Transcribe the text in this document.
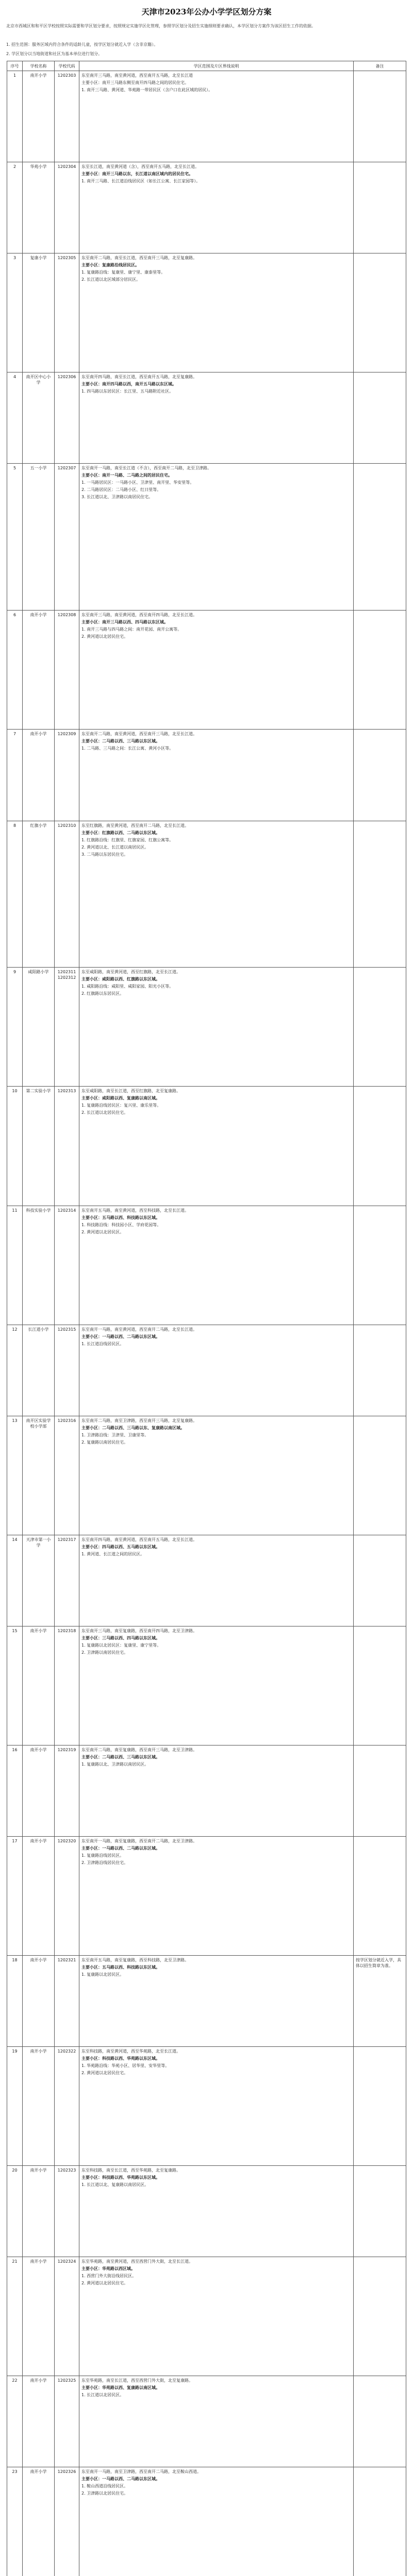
天津市2023年公办小学学区划分方案
北京市西城区和和平区学校按照实际需要和学区划分要求，按照规定实施学区化管理，参照学区划分及招生实施细则要求确认，本学区划分方案作为该区招生工作的依据。
1. 招生范围：服务区域内符合条件的适龄儿童，按学区划分就近入学（含非京籍）。
2. 学区划分以当地街道和社区为基本单位进行划分。
序号	学校名称	学校代码	学区范围及片区界线说明	备注
1	南开小学	1202303	东至南开三马路，南至黄河道，西至南开五马路，北至长江道
主要小区：南开三马路东侧至南开四马路之间的居民住宅。
1. 南开三马路、黄河道、华苑路一带居民区（含户口在此区域的居民）。	

2	华苑小学	1202304	东至长江道，南至黄河道（含），西至南开五马路，北至长江道。
主要小区：南开三马路以东，长江道以南区域内的居民住宅。
1. 南开三马路、长江道沿线居民区（如长江公寓、长江家园等）。	

3	复康小学	1202305	东至南开二马路，南至长江道，西至南开三马路，北至复康路。
主要小区：复康路沿线居民区。
1. 复康路沿线：复康里、康宁里、康泰里等。
2. 长江道以北区域部分居民区。	

4	南开区中心小学	1202306	东至南开四马路，南至长江道，西至南开五马路，北至复康路。
主要小区：南开四马路以西，南开五马路以东区域。
1. 四马路以东居民区：长江里、五马路附近社区。	

5	五一小学	1202307	东至南开一马路，南至长江道（不含），西至南开二马路，北至卫津路。
主要小区：南开一马路、二马路之间的居民住宅。
1. 一马路居民区：一马路小区、卫津里、南开里、华安里等。
2. 二马路居民区：二马路小区、红日里等。
3. 长江道以北、卫津路以南居民住宅。	

6	南开小学	1202308	东至南开三马路，南至黄河道，西至南开四马路，北至长江道。
主要小区：南开三马路以西、四马路以东区域。
1. 南开三马路与四马路之间：南开花园、南开公寓等。
2. 黄河道以北居民住宅。	

7	南开小学	1202309	东至南开二马路，南至黄河道，西至南开三马路，北至长江道。
主要小区：二马路以西、三马路以东区域。
1. 二马路、三马路之间：长江公寓、黄河小区等。	

8	红旗小学	1202310	东至红旗路，南至黄河道，西至南开二马路，北至长江道。
主要小区：红旗路以西、二马路以东区域。
1. 红旗路沿线：红旗里、红旗家园、红旗公寓等。
2. 黄河道以北、长江道以南居民区。
3. 二马路以东居民住宅。	

9	咸阳路小学	1202311 1202312	东至咸阳路，南至黄河道，西至红旗路，北至长江道。
主要小区：咸阳路以西、红旗路以东区域。
1. 咸阳路沿线：咸阳里、咸阳家园、阳光小区等。
2. 红旗路以东居民区。	

10	第二实验小学	1202313	东至咸阳路，南至长江道，西至红旗路，北至复康路。
主要小区：咸阳路以西、复康路以南区域。
1. 复康路沿线居民区：复兴里、康乐里等。
2. 长江道以北居民住宅。	

11	科技实验小学	1202314	东至南开五马路，南至黄河道，西至科技路，北至长江道。
主要小区：五马路以西、科技路以东区域。
1. 科技路沿线：科技园小区、学府花园等。
2. 黄河道以北居民区。	

12	长江道小学	1202315	东至南开一马路，南至黄河道，西至南开二马路，北至长江道。
主要小区：一马路以西、二马路以东区域。
1. 长江道沿线居民区。	

13	南开区实验学校小学部	1202316	东至南开二马路，南至卫津路，西至南开三马路，北至复康路。
主要小区：二马路以西、三马路以东、复康路以南区域。
1. 卫津路沿线：卫津里、卫康里等。
2. 复康路以南居民住宅。	

14	天津市第一小学	1202317	东至南开四马路，南至黄河道，西至南开五马路，北至长江道。
主要小区：四马路以西、五马路以东区域。
1. 黄河道、长江道之间的居民区。	

15	南开小学	1202318	东至南开三马路，南至复康路，西至南开四马路，北至卫津路。
主要小区：三马路以西、四马路以东区域。
1. 复康路以北居民区：复康里、康宁里等。
2. 卫津路以南居民住宅。	

16	南开小学	1202319	东至南开二马路，南至复康路，西至南开三马路，北至卫津路。
主要小区：二马路以西、三马路以东区域。
1. 复康路以北、卫津路以南居民区。	

17	南开小学	1202320	东至南开一马路，南至复康路，西至南开二马路，北至卫津路。
主要小区：一马路以西、二马路以东区域。
1. 复康路沿线居民区。
2. 卫津路沿线居民住宅。	

18	南开小学	1202321	东至南开五马路，南至复康路，西至科技路，北至卫津路。
主要小区：五马路以西、科技路以东区域。
1. 复康路以北居民区。	按学区划分就近入学，具体以招生简章为准。
19	南开小学	1202322	东至科技路，南至黄河道，西至华苑路，北至长江道。
主要小区：科技路以西、华苑路以东区域。
1. 华苑路沿线：华苑小区、居华里、安华里等。
2. 黄河道以北居民住宅。	

20	南开小学	1202323	东至科技路，南至长江道，西至华苑路，北至复康路。
主要小区：科技路以西、华苑路以东区域。
1. 长江道以北、复康路以南居民区。	

21	南开小学	1202324	东至华苑路，南至黄河道，西至西营门外大街，北至长江道。
主要小区：华苑路以西区域。
1. 西营门外大街沿线居民区。
2. 黄河道以北居民住宅。	

22	南开小学	1202325	东至华苑路，南至长江道，西至西营门外大街，北至复康路。
主要小区：华苑路以西、复康路以南区域。
1. 长江道以北居民区。	

23	南开小学	1202326	东至南开一马路，南至卫津路，西至南开二马路，北至鞍山西道。
主要小区：一马路以西、二马路以东区域。
1. 鞍山西道沿线居民区。
2. 卫津路以北居民住宅。	
